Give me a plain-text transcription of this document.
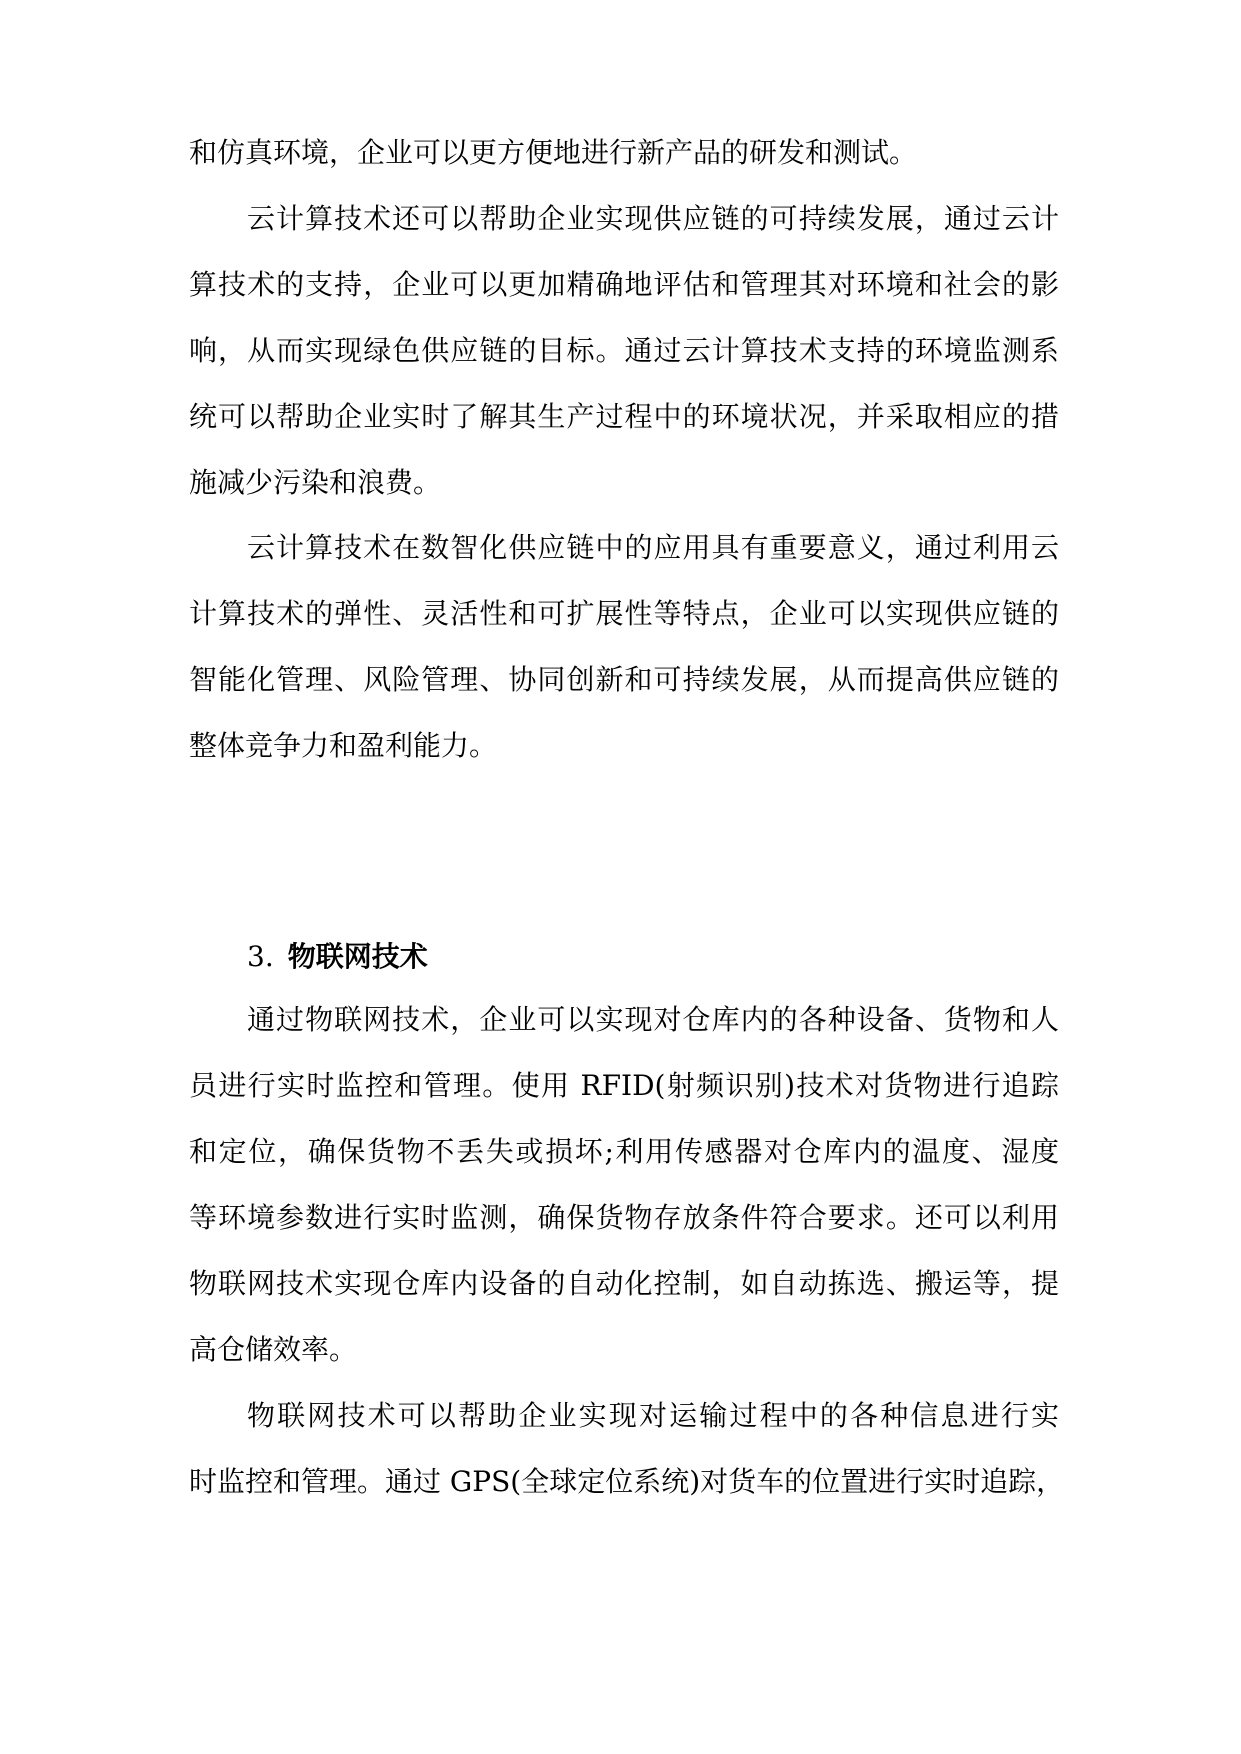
和仿真环境，企业可以更方便地进行新产品的研发和测试。
云计算技术还可以帮助企业实现供应链的可持续发展，通过云计
算技术的支持，企业可以更加精确地评估和管理其对环境和社会的影
响，从而实现绿色供应链的目标。通过云计算技术支持的环境监测系
统可以帮助企业实时了解其生产过程中的环境状况，并采取相应的措
施减少污染和浪费。
云计算技术在数智化供应链中的应用具有重要意义，通过利用云
计算技术的弹性、灵活性和可扩展性等特点，企业可以实现供应链的
智能化管理、风险管理、协同创新和可持续发展，从而提高供应链的
整体竞争力和盈利能力。
3. 物联网技术
通过物联网技术，企业可以实现对仓库内的各种设备、货物和人
员进行实时监控和管理。使用 RFID(射频识别)技术对货物进行追踪
和定位，确保货物不丢失或损坏;利用传感器对仓库内的温度、湿度
等环境参数进行实时监测，确保货物存放条件符合要求。还可以利用
物联网技术实现仓库内设备的自动化控制，如自动拣选、搬运等，提
高仓储效率。
物联网技术可以帮助企业实现对运输过程中的各种信息进行实
时监控和管理。通过 GPS(全球定位系统)对货车的位置进行实时追踪，
